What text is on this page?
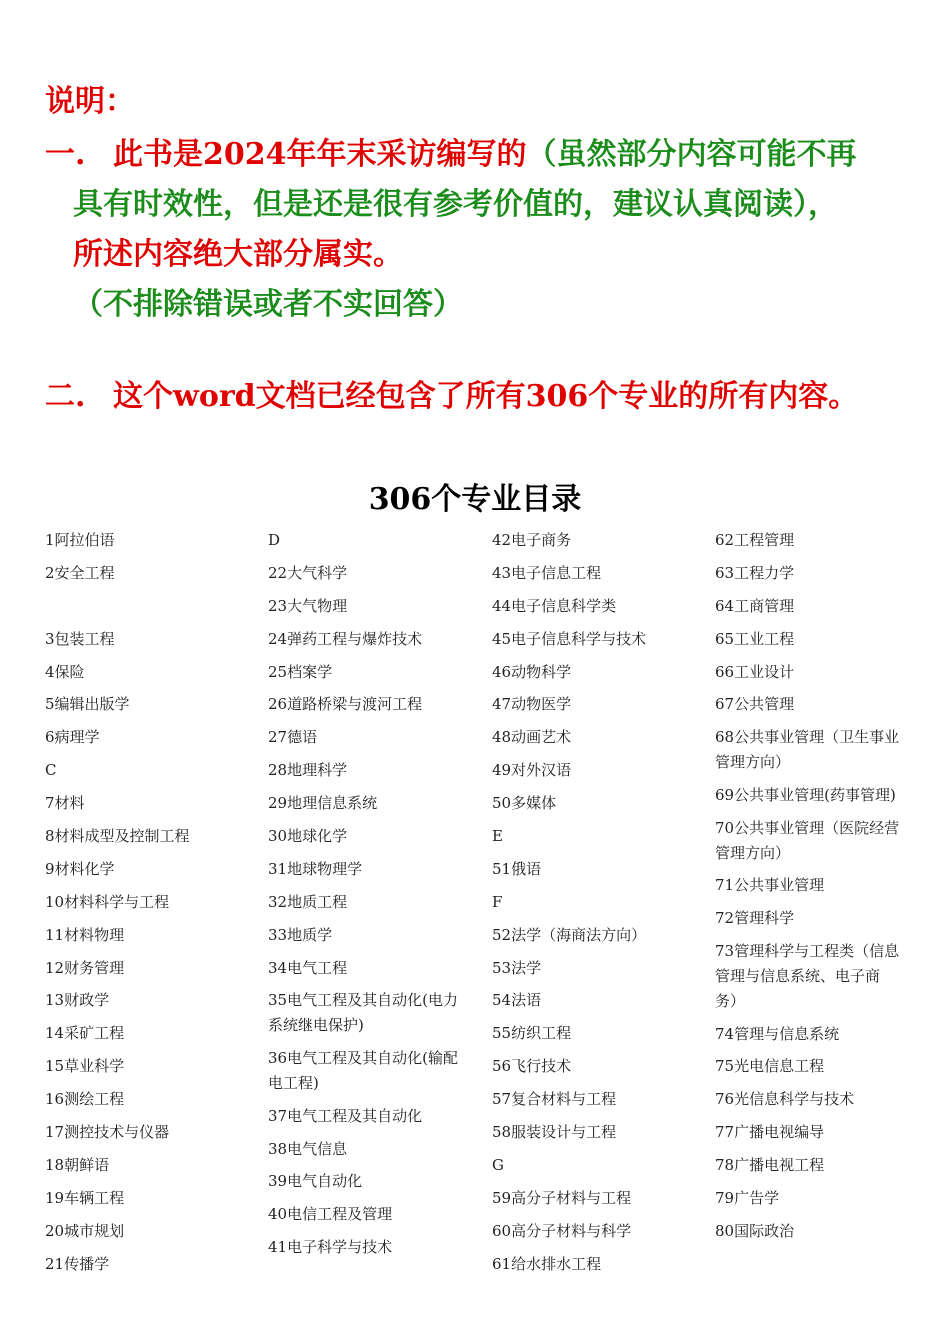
说明：
一. 此书是2024年年末采访编写的（虽然部分内容可能不再
具有时效性，但是还是很有参考价值的，建议认真阅读），
所述内容绝大部分属实。
（不排除错误或者不实回答）
二. 这个word文档已经包含了所有306个专业的所有内容。
306个专业目录
1阿拉伯语
2安全工程
3包装工程
4保险
5编辑出版学
6病理学
C
7材料
8材料成型及控制工程
9材料化学
10材料科学与工程
11材料物理
12财务管理
13财政学
14采矿工程
15草业科学
16测绘工程
17测控技术与仪器
18朝鲜语
19车辆工程
20城市规划
21传播学
D
22大气科学
23大气物理
24弹药工程与爆炸技术
25档案学
26道路桥梁与渡河工程
27德语
28地理科学
29地理信息系统
30地球化学
31地球物理学
32地质工程
33地质学
34电气工程
35电气工程及其自动化(电力系统继电保护)
36电气工程及其自动化(输配电工程)
37电气工程及其自动化
38电气信息
39电气自动化
40电信工程及管理
41电子科学与技术
42电子商务
43电子信息工程
44电子信息科学类
45电子信息科学与技术
46动物科学
47动物医学
48动画艺术
49对外汉语
50多媒体
E
51俄语
F
52法学（海商法方向）
53法学
54法语
55纺织工程
56飞行技术
57复合材料与工程
58服装设计与工程
G
59高分子材料与工程
60高分子材料与科学
61给水排水工程
62工程管理
63工程力学
64工商管理
65工业工程
66工业设计
67公共管理
68公共事业管理（卫生事业管理方向）
69公共事业管理(药事管理)
70公共事业管理（医院经营管理方向）
71公共事业管理
72管理科学
73管理科学与工程类（信息管理与信息系统、电子商务）
74管理与信息系统
75光电信息工程
76光信息科学与技术
77广播电视编导
78广播电视工程
79广告学
80国际政治
